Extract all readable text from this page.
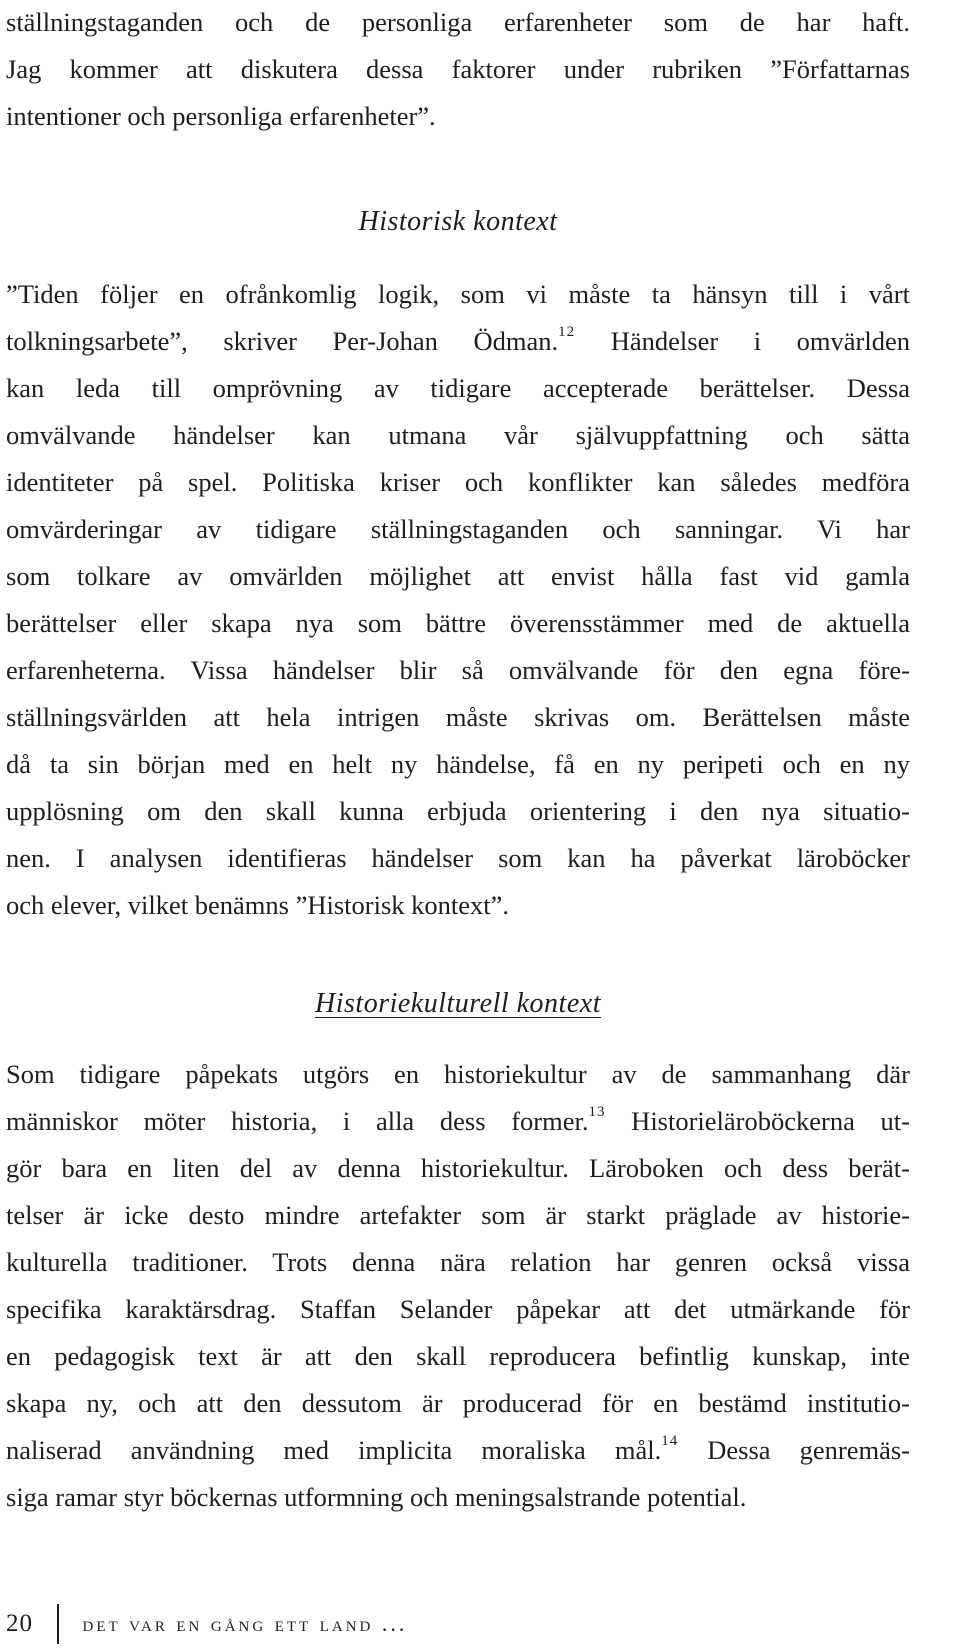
ställningstaganden och de personliga erfarenheter som de har haft.
Jag kommer att diskutera dessa faktorer under rubriken ”Författarnas
intentioner och personliga erfarenheter”.
Historisk kontext
”Tiden följer en ofrånkomlig logik, som vi måste ta hänsyn till i vårt
tolkningsarbete”, skriver Per-Johan Ödman.$^{12}$ Händelser i omvärlden
kan leda till omprövning av tidigare accepterade berättelser. Dessa
omvälvande händelser kan utmana vår självuppfattning och sätta
identiteter på spel. Politiska kriser och konflikter kan således medföra
omvärderingar av tidigare ställningstaganden och sanningar. Vi har
som tolkare av omvärlden möjlighet att envist hålla fast vid gamla
berättelser eller skapa nya som bättre överensstämmer med de aktuella
erfarenheterna. Vissa händelser blir så omvälvande för den egna före-
ställningsvärlden att hela intrigen måste skrivas om. Berättelsen måste
då ta sin början med en helt ny händelse, få en ny peripeti och en ny
upplösning om den skall kunna erbjuda orientering i den nya situatio-
nen. I analysen identifieras händelser som kan ha påverkat läroböcker
och elever, vilket benämns ”Historisk kontext”.
Historiekulturell kontext
Som tidigare påpekats utgörs en historiekultur av de sammanhang där
människor möter historia, i alla dess former.$^{13}$ Historieläroböckerna ut-
gör bara en liten del av denna historiekultur. Läroboken och dess berät-
telser är icke desto mindre artefakter som är starkt präglade av historie-
kulturella traditioner. Trots denna nära relation har genren också vissa
specifika karaktärsdrag. Staffan Selander påpekar att det utmärkande för
en pedagogisk text är att den skall reproducera befintlig kunskap, inte
skapa ny, och att den dessutom är producerad för en bestämd institutio-
naliserad användning med implicita moraliska mål.$^{14}$ Dessa genremäs-
siga ramar styr böckernas utformning och meningsalstrande potential.
20 det var en gång ett land ...
